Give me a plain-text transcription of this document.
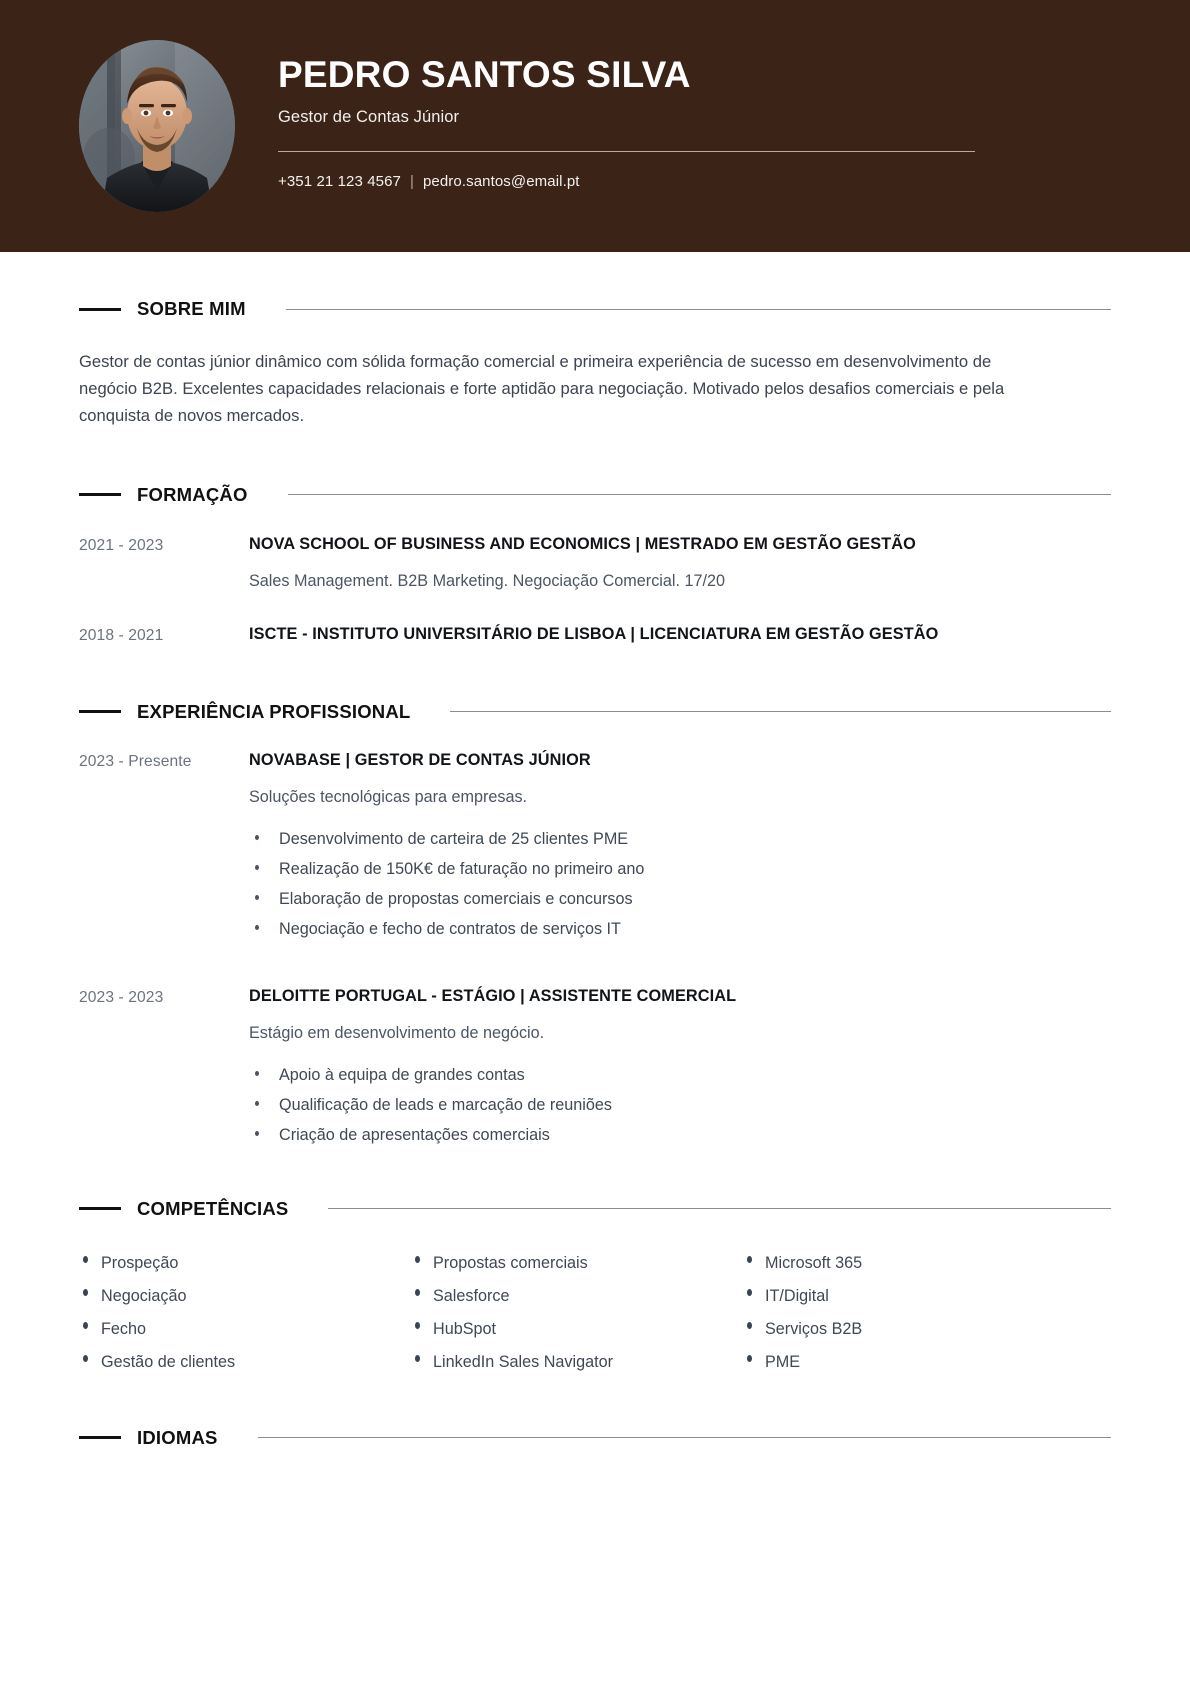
PEDRO SANTOS SILVA
Gestor de Contas Júnior
+351 21 123 4567 | pedro.santos@email.pt
SOBRE MIM

Gestor de contas júnior dinâmico com sólida formação comercial e primeira experiência de sucesso em desenvolvimento de negócio B2B. Excelentes capacidades relacionais e forte aptidão para negociação. Motivado pelos desafios comerciais e pela conquista de novos mercados.

FORMAÇÃO
2021 - 2023	NOVA SCHOOL OF BUSINESS AND ECONOMICS | MESTRADO EM GESTÃO GESTÃO
Sales Management. B2B Marketing. Negociação Comercial. 17/20
2018 - 2021	ISCTE - INSTITUTO UNIVERSITÁRIO DE LISBOA | LICENCIATURA EM GESTÃO GESTÃO
EXPERIÊNCIA PROFISSIONAL
2023 - Presente	NOVABASE | GESTOR DE CONTAS JÚNIOR
Soluções tecnológicas para empresas.
Desenvolvimento de carteira de 25 clientes PME
Realização de 150K€ de faturação no primeiro ano
Elaboração de propostas comerciais e concursos
Negociação e fecho de contratos de serviços IT
2023 - 2023	DELOITTE PORTUGAL - ESTÁGIO | ASSISTENTE COMERCIAL
Estágio em desenvolvimento de negócio.
Apoio à equipa de grandes contas
Qualificação de leads e marcação de reuniões
Criação de apresentações comerciais
COMPETÊNCIAS
Prospeção	Propostas comerciais	Microsoft 365
Negociação	Salesforce	IT/Digital
Fecho	HubSpot	Serviços B2B
Gestão de clientes	LinkedIn Sales Navigator	PME
IDIOMAS
